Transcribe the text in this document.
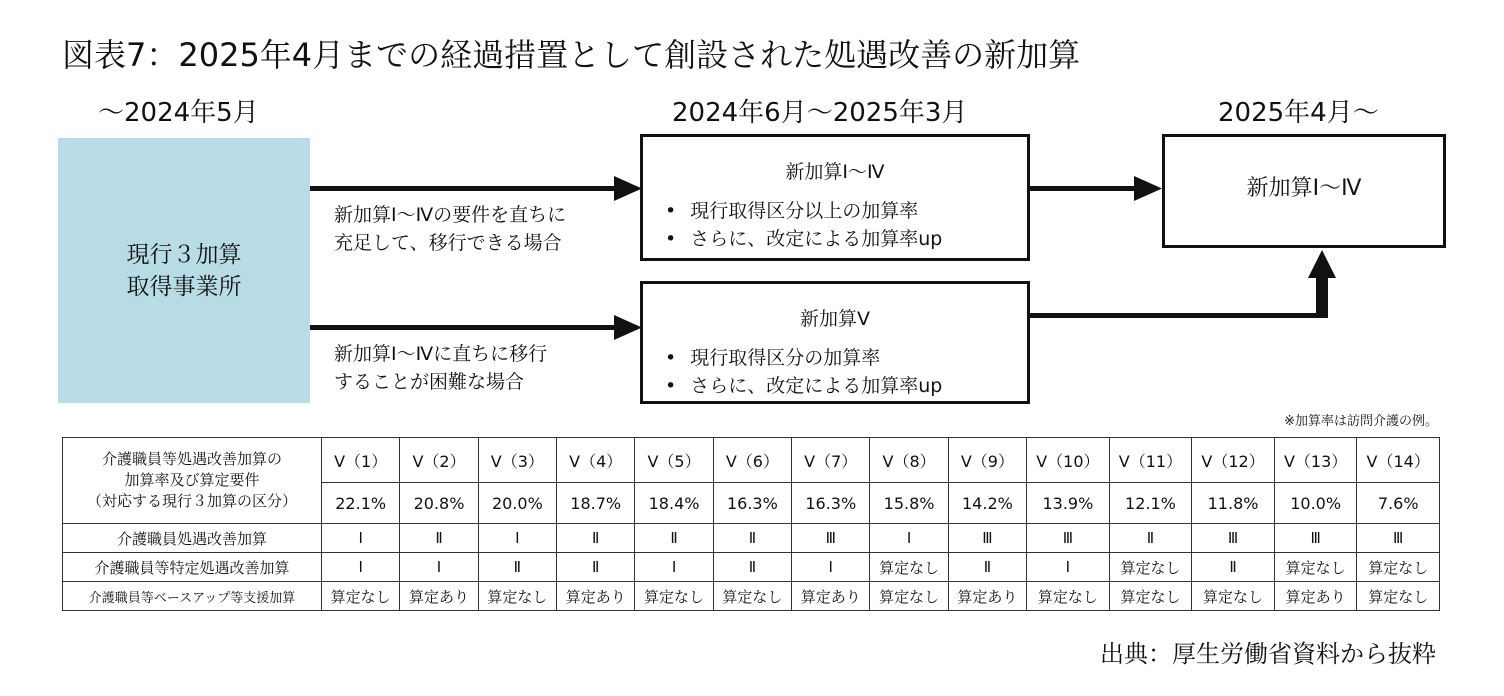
図表7：2025年4月までの経過措置として創設された処遇改善の新加算
～2024年5月	2024年6月～2025年3月	2025年4月～
現行３加算
取得事業所
新加算Ⅰ～Ⅳの要件を直ちに
充足して、移行できる場合
新加算Ⅰ～Ⅳに直ちに移行
することが困難な場合
新加算Ⅰ～Ⅳ
• 現行取得区分以上の加算率
• さらに、改定による加算率up
新加算Ⅴ
• 現行取得区分の加算率
• さらに、改定による加算率up
新加算Ⅰ～Ⅳ
※加算率は訪問介護の例。
介護職員等処遇改善加算の
加算率及び算定要件
（対応する現行３加算の区分）	Ⅴ（1）	Ⅴ（2）	Ⅴ（3）	Ⅴ（4）	Ⅴ（5）	Ⅴ（6）	Ⅴ（7）	Ⅴ（8）	Ⅴ（9）	Ⅴ（10）	Ⅴ（11）	Ⅴ（12）	Ⅴ（13）	Ⅴ（14）
	22.1%	20.8%	20.0%	18.7%	18.4%	16.3%	16.3%	15.8%	14.2%	13.9%	12.1%	11.8%	10.0%	7.6%
介護職員処遇改善加算	Ⅰ	Ⅱ	Ⅰ	Ⅱ	Ⅱ	Ⅱ	Ⅲ	Ⅰ	Ⅲ	Ⅲ	Ⅱ	Ⅲ	Ⅲ	Ⅲ
介護職員等特定処遇改善加算	Ⅰ	Ⅰ	Ⅱ	Ⅱ	Ⅰ	Ⅱ	Ⅰ	算定なし	Ⅱ	Ⅰ	算定なし	Ⅱ	算定なし	算定なし
介護職員等ベースアップ等支援加算	算定なし	算定あり	算定なし	算定あり	算定なし	算定なし	算定あり	算定なし	算定あり	算定なし	算定なし	算定なし	算定あり	算定なし
出典：厚生労働省資料から抜粋
